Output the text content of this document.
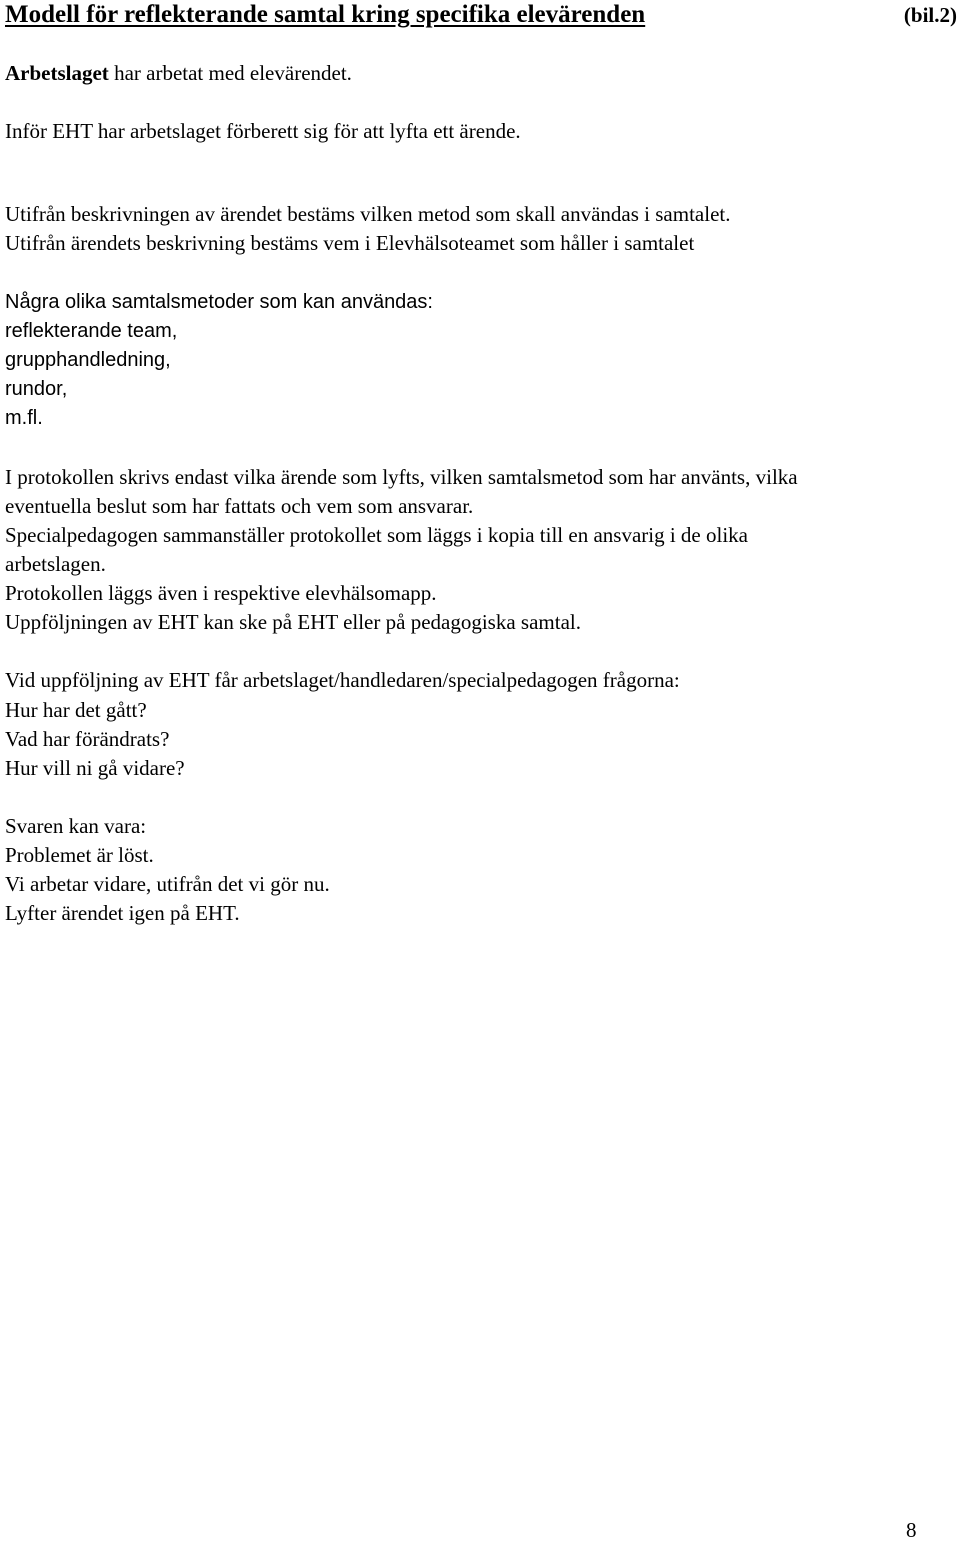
Modell för reflekterande samtal kring specifika elevärenden	(bil.2)
Arbetslaget har arbetat med elevärendet.
Inför EHT har arbetslaget förberett sig för att lyfta ett ärende.
Utifrån beskrivningen av ärendet bestäms vilken metod som skall användas i samtalet.
Utifrån ärendets beskrivning bestäms vem i Elevhälsoteamet som håller i samtalet
Några olika samtalsmetoder som kan användas:
reflekterande team,
grupphandledning,
rundor,
m.fl.
I protokollen skrivs endast vilka ärende som lyfts, vilken samtalsmetod som har använts, vilka
eventuella beslut som har fattats och vem som ansvarar.
Specialpedagogen sammanställer protokollet som läggs i kopia till en ansvarig i de olika
arbetslagen.
Protokollen läggs även i respektive elevhälsomapp.
Uppföljningen av EHT kan ske på EHT eller på pedagogiska samtal.
Vid uppföljning av EHT får arbetslaget/handledaren/specialpedagogen frågorna:
Hur har det gått?
Vad har förändrats?
Hur vill ni gå vidare?
Svaren kan vara:
Problemet är löst.
Vi arbetar vidare, utifrån det vi gör nu.
Lyfter ärendet igen på EHT.
8
